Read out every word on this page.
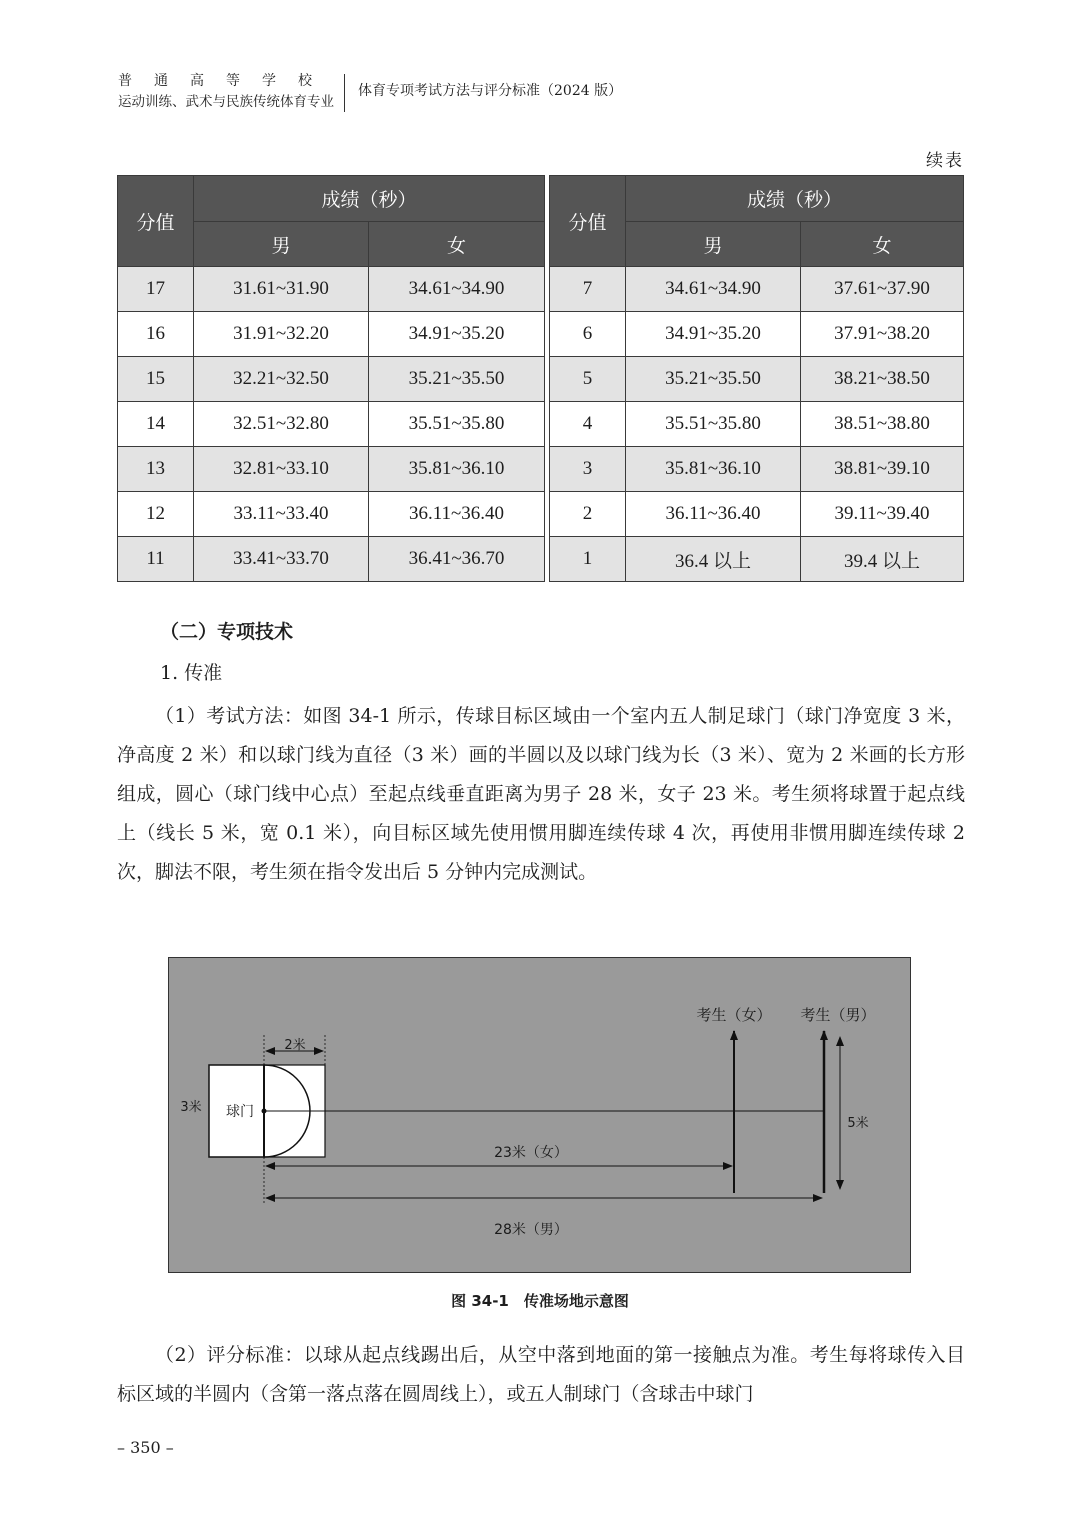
普通高等学校
运动训练、武术与民族传统体育专业
体育专项考试方法与评分标准（2024 版）
续表
分值	成绩（秒）	
	男	女
17	31.61~31.90	34.61~34.90
16	31.91~32.20	34.91~35.20
15	32.21~32.50	35.21~35.50
14	32.51~32.80	35.51~35.80
13	32.81~33.10	35.81~36.10
12	33.11~33.40	36.11~36.40
11	33.41~33.70	36.41~36.70
分值	成绩（秒）	
	男	女
7	34.61~34.90	37.61~37.90
6	34.91~35.20	37.91~38.20
5	35.21~35.50	38.21~38.50
4	35.51~35.80	38.51~38.80
3	35.81~36.10	38.81~39.10
2	36.11~36.40	39.11~39.40
1	36.4 以上	39.4 以上
（二）专项技术
1. 传准

（1）考试方法：如图 34-1 所示，传球目标区域由一个室内五人制足球门（球门净宽度 3 米，净高度 2 米）和以球门线为直径（3 米）画的半圆以及以球门线为长（3 米）、宽为 2 米画的长方形组成，圆心（球门线中心点）至起点线垂直距离为男子 28 米，女子 23 米。考生须将球置于起点线上（线长 5 米，宽 0.1 米），向目标区域先使用惯用脚连续传球 4 次，再使用非惯用脚连续传球 2 次，脚法不限，考生须在指令发出后 5 分钟内完成测试。

2米
3米 球门
考生（女） 考生（男）
5米
23米（女）
28米（男）
图 34-1　传准场地示意图

（2）评分标准：以球从起点线踢出后，从空中落到地面的第一接触点为准。考生每将球传入目标区域的半圆内（含第一落点落在圆周线上），或五人制球门（含球击中球门

– 350 –
